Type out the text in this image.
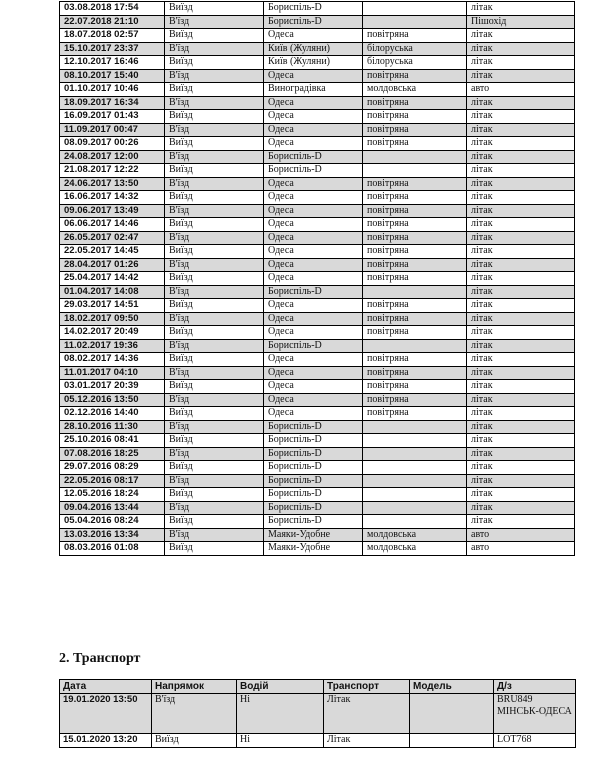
03.08.2018 17:54	Виїзд	Бориспіль-D		літак
22.07.2018 21:10	В'їзд	Бориспіль-D		Пішохід
18.07.2018 02:57	Виїзд	Одеса	повітряна	літак
15.10.2017 23:37	В'їзд	Київ (Жуляни)	білоруська	літак
12.10.2017 16:46	Виїзд	Київ (Жуляни)	білоруська	літак
08.10.2017 15:40	В'їзд	Одеса	повітряна	літак
01.10.2017 10:46	Виїзд	Виноградівка	молдовська	авто
18.09.2017 16:34	В'їзд	Одеса	повітряна	літак
16.09.2017 01:43	Виїзд	Одеса	повітряна	літак
11.09.2017 00:47	В'їзд	Одеса	повітряна	літак
08.09.2017 00:26	Виїзд	Одеса	повітряна	літак
24.08.2017 12:00	В'їзд	Бориспіль-D		літак
21.08.2017 12:22	Виїзд	Бориспіль-D		літак
24.06.2017 13:50	В'їзд	Одеса	повітряна	літак
16.06.2017 14:32	Виїзд	Одеса	повітряна	літак
09.06.2017 13:49	В'їзд	Одеса	повітряна	літак
06.06.2017 14:46	Виїзд	Одеса	повітряна	літак
26.05.2017 02:47	В'їзд	Одеса	повітряна	літак
22.05.2017 14:45	Виїзд	Одеса	повітряна	літак
28.04.2017 01:26	В'їзд	Одеса	повітряна	літак
25.04.2017 14:42	Виїзд	Одеса	повітряна	літак
01.04.2017 14:08	В'їзд	Бориспіль-D		літак
29.03.2017 14:51	Виїзд	Одеса	повітряна	літак
18.02.2017 09:50	В'їзд	Одеса	повітряна	літак
14.02.2017 20:49	Виїзд	Одеса	повітряна	літак
11.02.2017 19:36	В'їзд	Бориспіль-D		літак
08.02.2017 14:36	Виїзд	Одеса	повітряна	літак
11.01.2017 04:10	В'їзд	Одеса	повітряна	літак
03.01.2017 20:39	Виїзд	Одеса	повітряна	літак
05.12.2016 13:50	В'їзд	Одеса	повітряна	літак
02.12.2016 14:40	Виїзд	Одеса	повітряна	літак
28.10.2016 11:30	В'їзд	Бориспіль-D		літак
25.10.2016 08:41	Виїзд	Бориспіль-D		літак
07.08.2016 18:25	В'їзд	Бориспіль-D		літак
29.07.2016 08:29	Виїзд	Бориспіль-D		літак
22.05.2016 08:17	В'їзд	Бориспіль-D		літак
12.05.2016 18:24	Виїзд	Бориспіль-D		літак
09.04.2016 13:44	В'їзд	Бориспіль-D		літак
05.04.2016 08:24	Виїзд	Бориспіль-D		літак
13.03.2016 13:34	В'їзд	Маяки-Удобне	молдовська	авто
08.03.2016 01:08	Виїзд	Маяки-Удобне	молдовська	авто
2. Транспорт
Дата	Напрямок	Водій	Транспорт	Модель	Д/з
19.01.2020 13:50	В'їзд	Ні	Літак		BRU849 МІНСЬК-ОДЕСА
15.01.2020 13:20	Виїзд	Ні	Літак		LOT768
